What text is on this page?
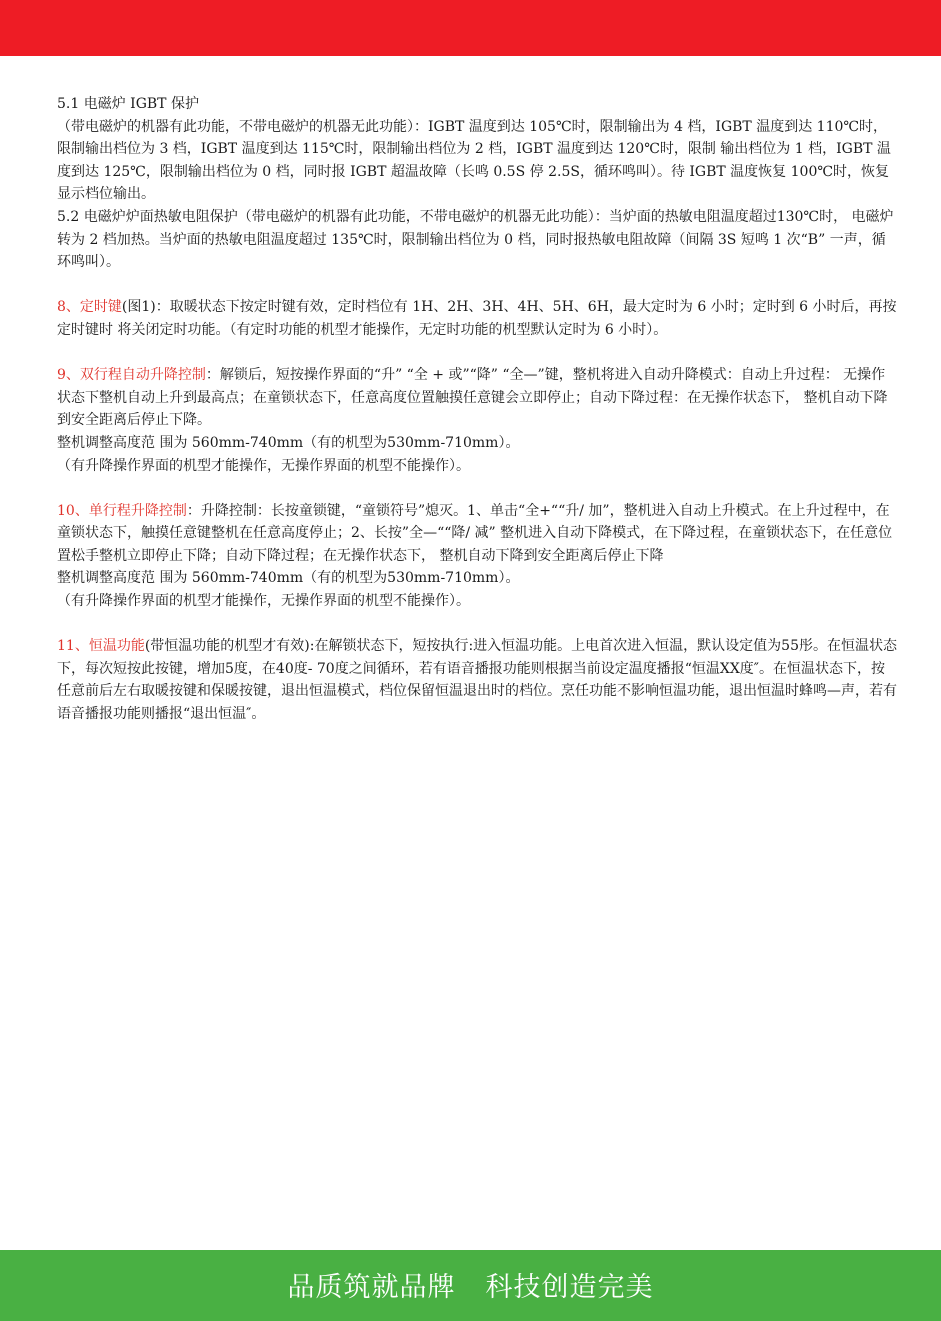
5.1 电磁炉 IGBT 保护

（带电磁炉的机器有此功能，不带电磁炉的机器无此功能）：IGBT 温度到达 105℃时，限制输出为 4 档，IGBT 温度到达 110℃时，限制输出档位为 3 档，IGBT 温度到达 115℃时，限制输出档位为 2 档，IGBT 温度到达 120℃时，限制 输出档位为 1 档，IGBT 温度到达 125℃，限制输出档位为 0 档，同时报 IGBT 超温故障（长鸣 0.5S 停 2.5S，循环鸣叫）。待 IGBT 温度恢复 100℃时，恢复显示档位输出。

5.2 电磁炉炉面热敏电阻保护（带电磁炉的机器有此功能，不带电磁炉的机器无此功能）：当炉面的热敏电阻温度超过130℃时， 电磁炉转为 2 档加热。当炉面的热敏电阻温度超过 135℃时，限制输出档位为 0 档，同时报热敏电阻故障（间隔 3S 短鸣 1 次“B” 一声，循环鸣叫）。

8、定时键(图1)：取暖状态下按定时键有效，定时档位有 1H、2H、3H、4H、5H、6H，最大定时为 6 小时；定时到 6 小时后，再按定时键时 将关闭定时功能。（有定时功能的机型才能操作，无定时功能的机型默认定时为 6 小时）。

9、双行程自动升降控制：解锁后，短按操作界面的“升” “全 + 或”“降” “全—”键，整机将进入自动升降模式：自动上升过程： 无操作状态下整机自动上升到最高点；在童锁状态下，任意高度位置触摸任意键会立即停止；自动下降过程：在无操作状态下， 整机自动下降到安全距离后停止下降。

整机调整高度范 围为 560mm-740mm（有的机型为530mm-710mm）。

（有升降操作界面的机型才能操作，无操作界面的机型不能操作）。

10、单行程升降控制：升降控制：长按童锁键，“童锁符号”熄灭。1、单击“全+““升/ 加”，整机进入自动上升模式。在上升过程中，在童锁状态下，触摸任意键整机在任意高度停止；2、长按”全—““降/ 减” 整机进入自动下降模式，在下降过程，在童锁状态下，在任意位置松手整机立即停止下降；自动下降过程；在无操作状态下， 整机自动下降到安全距离后停止下降

整机调整高度范 围为 560mm-740mm（有的机型为530mm-710mm）。

（有升降操作界面的机型才能操作，无操作界面的机型不能操作）。

11、恒温功能(带恒温功能的机型才有效):在解锁状态下，短按执行:进入恒温功能。上电首次进入恒温，默认设定值为55彤。在恒温状态下，每次短按此按键，增加5度，在40度- 70度之间循环，若有语音播报功能则根据当前设定温度播报“恒温XX度″。在恒温状态下，按任意前后左右取暖按键和保暖按键，退出恒温模式，档位保留恒温退出时的档位。烹任功能不影响恒温功能，退出恒温时蜂鸣—声，若有语音播报功能则播报“退出恒温″。

品质筑就品牌 科技创造完美
